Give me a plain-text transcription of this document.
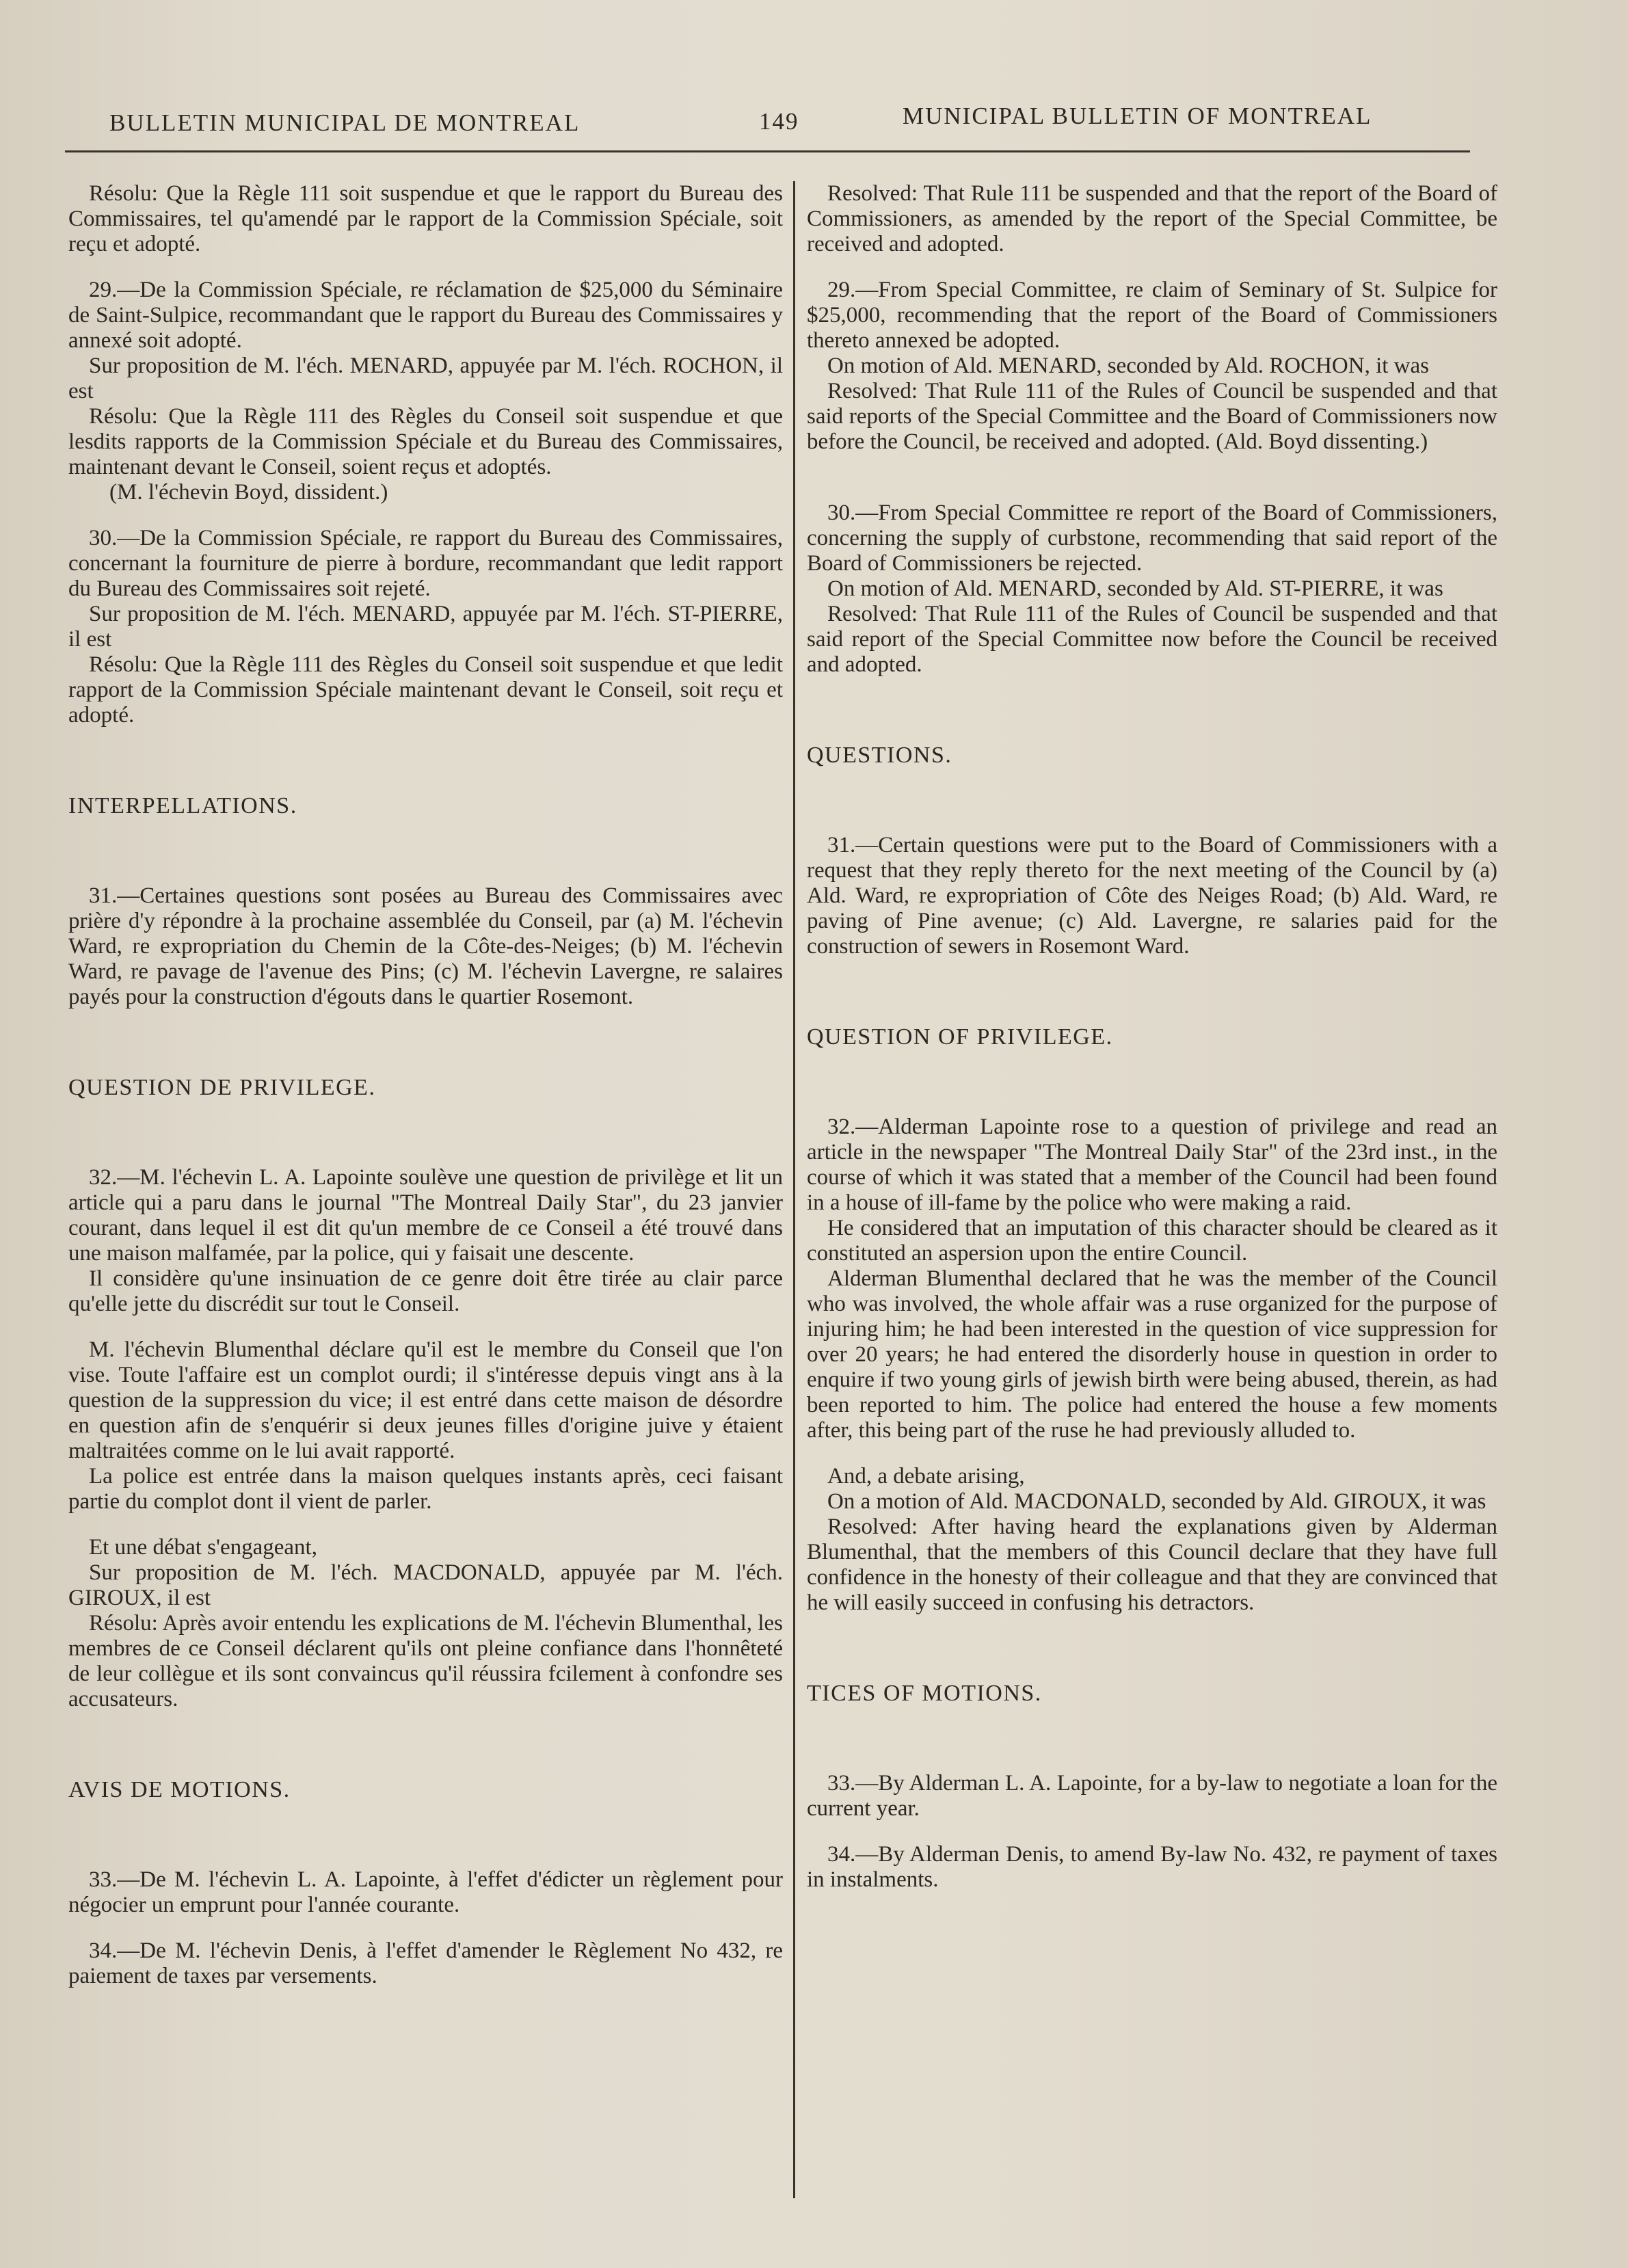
BULLETIN MUNICIPAL DE MONTREAL	149	MUNICIPAL BULLETIN OF MONTREAL

Résolu: Que la Règle 111 soit suspendue et que le rapport du Bureau des Commissaires, tel qu'amendé par le rapport de la Commission Spéciale, soit reçu et adopté.

29.—De la Commission Spéciale, re réclamation de $25,000 du Séminaire de Saint-Sulpice, recommandant que le rapport du Bureau des Commissaires y annexé soit adopté.

Sur proposition de M. l'éch. MENARD, appuyée par M. l'éch. ROCHON, il est

Résolu: Que la Règle 111 des Règles du Conseil soit suspendue et que lesdits rapports de la Commission Spéciale et du Bureau des Commissaires, maintenant devant le Conseil, soient reçus et adoptés.

(M. l'échevin Boyd, dissident.)

30.—De la Commission Spéciale, re rapport du Bureau des Commissaires, concernant la fourniture de pierre à bordure, recommandant que ledit rapport du Bureau des Commissaires soit rejeté.

Sur proposition de M. l'éch. MENARD, appuyée par M. l'éch. ST-PIERRE, il est

Résolu: Que la Règle 111 des Règles du Conseil soit suspendue et que ledit rapport de la Commission Spéciale maintenant devant le Conseil, soit reçu et adopté.

INTERPELLATIONS.

31.—Certaines questions sont posées au Bureau des Commissaires avec prière d'y répondre à la prochaine assemblée du Conseil, par (a) M. l'échevin Ward, re expropriation du Chemin de la Côte-des-Neiges; (b) M. l'échevin Ward, re pavage de l'avenue des Pins; (c) M. l'échevin Lavergne, re salaires payés pour la construction d'égouts dans le quartier Rosemont.

QUESTION DE PRIVILEGE.

32.—M. l'échevin L. A. Lapointe soulève une question de privilège et lit un article qui a paru dans le journal "The Montreal Daily Star", du 23 janvier courant, dans lequel il est dit qu'un membre de ce Conseil a été trouvé dans une maison malfamée, par la police, qui y faisait une descente.

Il considère qu'une insinuation de ce genre doit être tirée au clair parce qu'elle jette du discrédit sur tout le Conseil.

M. l'échevin Blumenthal déclare qu'il est le membre du Conseil que l'on vise. Toute l'affaire est un complot ourdi; il s'intéresse depuis vingt ans à la question de la suppression du vice; il est entré dans cette maison de désordre en question afin de s'enquérir si deux jeunes filles d'origine juive y étaient maltraitées comme on le lui avait rapporté.

La police est entrée dans la maison quelques instants après, ceci faisant partie du complot dont il vient de parler.

Et une débat s'engageant,

Sur proposition de M. l'éch. MACDONALD, appuyée par M. l'éch. GIROUX, il est

Résolu: Après avoir entendu les explications de M. l'échevin Blumenthal, les membres de ce Conseil déclarent qu'ils ont pleine confiance dans l'honnêteté de leur collègue et ils sont convaincus qu'il réussira fcilement à confondre ses accusateurs.

AVIS DE MOTIONS.

33.—De M. l'échevin L. A. Lapointe, à l'effet d'édicter un règlement pour négocier un emprunt pour l'année courante.

34.—De M. l'échevin Denis, à l'effet d'amender le Règlement No 432, re paiement de taxes par versements.

Resolved: That Rule 111 be suspended and that the report of the Board of Commissioners, as amended by the report of the Special Committee, be received and adopted.

29.—From Special Committee, re claim of Seminary of St. Sulpice for $25,000, recommending that the report of the Board of Commissioners thereto annexed be adopted.

On motion of Ald. MENARD, seconded by Ald. ROCHON, it was

Resolved: That Rule 111 of the Rules of Council be suspended and that said reports of the Special Committee and the Board of Commissioners now before the Council, be received and adopted. (Ald. Boyd dissenting.)

30.—From Special Committee re report of the Board of Commissioners, concerning the supply of curbstone, recommending that said report of the Board of Commissioners be rejected.

On motion of Ald. MENARD, seconded by Ald. ST-PIERRE, it was

Resolved: That Rule 111 of the Rules of Council be suspended and that said report of the Special Committee now before the Council be received and adopted.

QUESTIONS.

31.—Certain questions were put to the Board of Commissioners with a request that they reply thereto for the next meeting of the Council by (a) Ald. Ward, re expropriation of Côte des Neiges Road; (b) Ald. Ward, re paving of Pine avenue; (c) Ald. Lavergne, re salaries paid for the construction of sewers in Rosemont Ward.

QUESTION OF PRIVILEGE.

32.—Alderman Lapointe rose to a question of privilege and read an article in the newspaper "The Montreal Daily Star" of the 23rd inst., in the course of which it was stated that a member of the Council had been found in a house of ill-fame by the police who were making a raid.

He considered that an imputation of this character should be cleared as it constituted an aspersion upon the entire Council.

Alderman Blumenthal declared that he was the member of the Council who was involved, the whole affair was a ruse organized for the purpose of injuring him; he had been interested in the question of vice suppression for over 20 years; he had entered the disorderly house in question in order to enquire if two young girls of jewish birth were being abused, therein, as had been reported to him. The police had entered the house a few moments after, this being part of the ruse he had previously alluded to.

And, a debate arising,

On a motion of Ald. MACDONALD, seconded by Ald. GIROUX, it was

Resolved: After having heard the explanations given by Alderman Blumenthal, that the members of this Council declare that they have full confidence in the honesty of their colleague and that they are convinced that he will easily succeed in confusing his detractors.

TICES OF MOTIONS.

33.—By Alderman L. A. Lapointe, for a by-law to negotiate a loan for the current year.

34.—By Alderman Denis, to amend By-law No. 432, re payment of taxes in instalments.
